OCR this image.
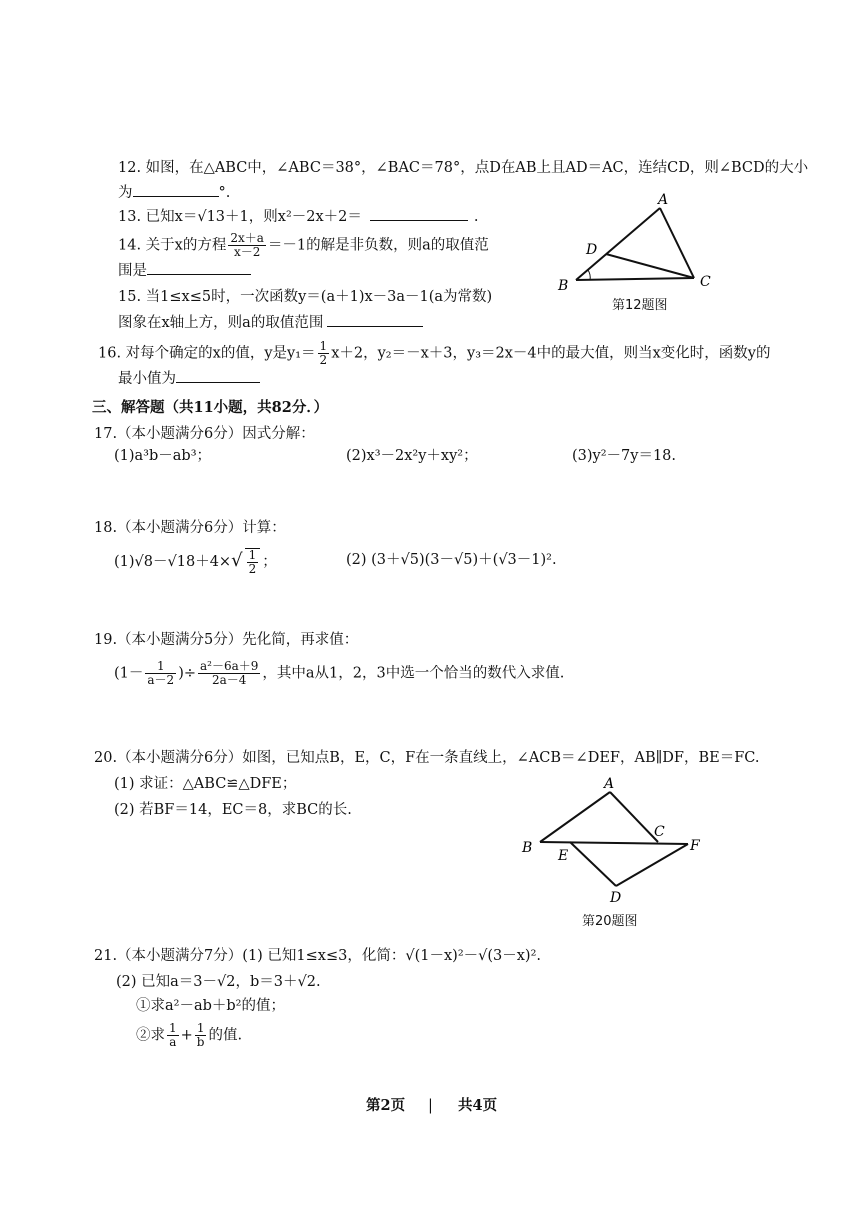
12. 如图，在△ABC中，∠ABC＝38°，∠BAC＝78°，点D在AB上且AD＝AC，连结CD，则∠BCD的大小
为	°.
13. 已知x＝√13＋1，则x²－2x＋2＝	.
14. 关于x的方程 $\frac{2x+a}{x-2} =-1$的解是非负数，则a的取值范
围是
A
D
B	C
第12题图
15. 当1≤x≤5时，一次函数y＝(a＋1)x－3a－1(a为常数)
图象在x轴上方，则a的取值范围
16. 对每个确定的x的值，y是$y_1= \frac{1}{2} x+2$，y₂＝－x＋3，y₃＝2x－4中的最大值，则当x变化时，函数y的
最小值为
三、解答题（共11小题，共82分．）
17.（本小题满分6分）因式分解：
(1)a³b－ab³；	(2)x³－2x²y＋xy²；	(3)y²－7y＝18.
18.（本小题满分6分）计算：
$(1)√8-√18+4\times√ \frac{1}{2}$ ；	(2) (3＋√5)(3－√5)＋(√3－1)².
19.（本小题满分5分）先化简，再求值：
($1- \frac{1}{a-2}$ )÷ $\frac{\text{a²－6a＋9}}{2a-4}$ ，其中a从1，2，3中选一个恰当的数代入求值.
20.（本小题满分6分）如图，已知点B，E，C，F在一条直线上，∠ACB＝∠DEF，AB∥DF，BE＝FC.
(1) 求证：△ABC≌△DFE；
(2) 若BF＝14，EC＝8，求BC的长.
A
B E
C
F
D
第20题图
21.（本小题满分7分）(1) 已知1≤x≤3，化简：√(1－x)²－√(3－x)².
(2) 已知a＝3－√2，b＝3＋√2.
①求a²－ab＋b²的值；
②求 $\frac{1}{a} + \frac{1}{b}$ 的值.
第2页 | 共4页
